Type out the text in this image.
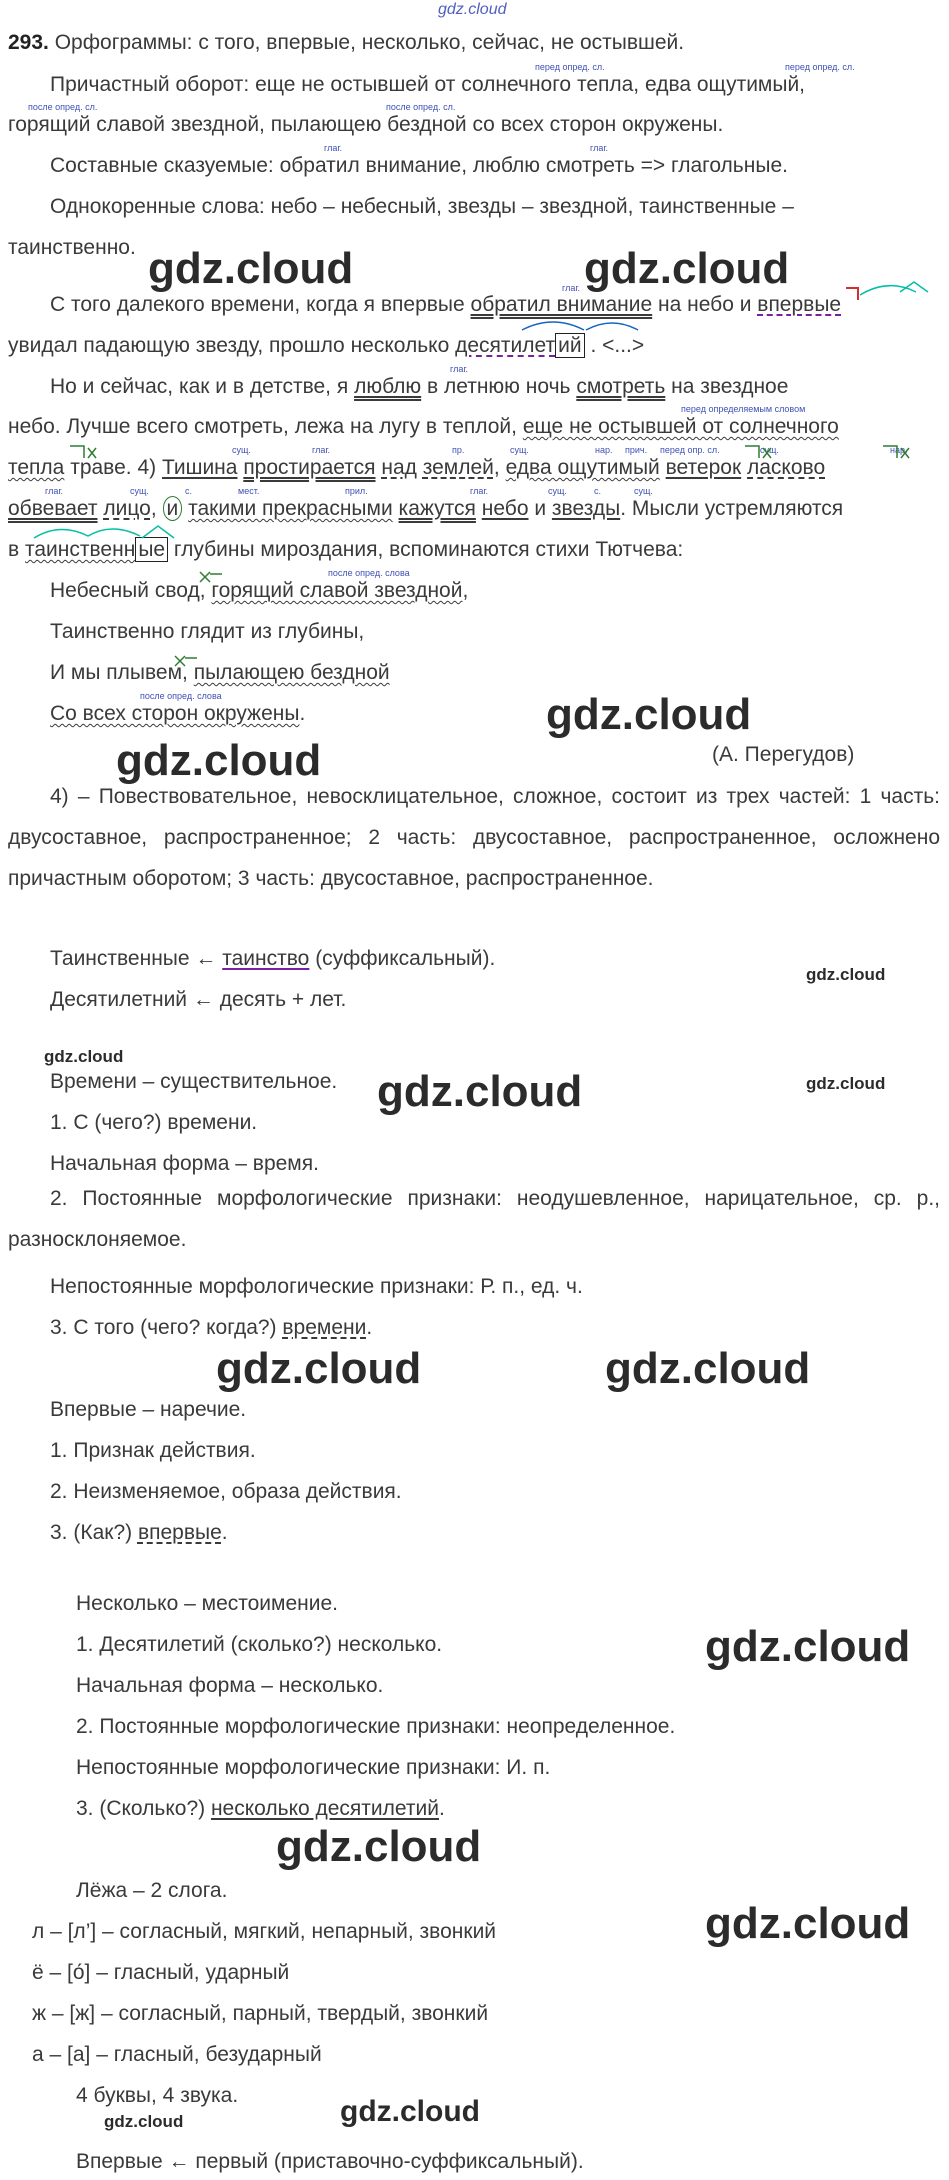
gdz.cloud
293. Орфограммы: с того, впервые, несколько, сейчас, не остывшей.
перед опред. сл.	перед опред. сл.
Причастный оборот: еще не остывшей от солнечного тепла, едва ощутимый,
после опред. сл.	после опред. сл.
горящий славой звездной, пылающею бездной со всех сторон окружены.
глаг.	глаг.
Составные сказуемые: обратил внимание, люблю смотреть => глагольные.
Однокоренные слова: небо – небесный, звезды – звездной, таинственные –
таинственно.
глаг.
С того далекого времени, когда я впервые обратил внимание на небо и впервые
увидал падающую звезду, прошло несколько десятилет ий . <...>
глаг.
Но и сейчас, как и в детстве, я люблю в летнюю ночь смотреть на звездное
перед определяемым словом
небо. Лучше всего смотреть, лежа на лугу в теплой, еще не остывшей от солнечного
сущ.	глаг.	пр.	сущ.	нар. прич. перед опр. сл.	сущ.	нар.
тепла траве. 4) Тишина простирается над землей, едва ощутимый ветерок ласково
глаг.	сущ.	с.	мест.	прил.	глаг.	сущ.	с.	сущ.
обвевает лицо, и такими прекрасными кажутся небо и звезды. Мысли устремляются
в таинственн ые глубины мироздания, вспоминаются стихи Тютчева:
после опред. слова
Небесный свод, горящий славой звездной,
Таинственно глядит из глубины,
И мы плывем, пылающею бездной
после опред. слова
Со всех сторон окружены.
(А. Перегудов)
4) – Повествовательное, невосклицательное, сложное, состоит из трех частей: 1 часть: двусоставное, распространенное; 2 часть: двусоставное, распространенное, осложнено причастным оборотом; 3 часть: двусоставное, распространенное.
Таинственные ← таинство (суффиксальный).
Десятилетний ← десять + лет.
Времени – существительное.
1. С (чего?) времени.
Начальная форма – время.
2. Постоянные морфологические признаки: неодушевленное, нарицательное, ср. р., разносклоняемое.
Непостоянные морфологические признаки: Р. п., ед. ч.
3. С того (чего? когда?) времени.
Впервые – наречие.
1. Признак действия.
2. Неизменяемое, образа действия.
3. (Как?) впервые.
Несколько – местоимение.
1. Десятилетий (сколько?) несколько.
Начальная форма – несколько.
2. Постоянные морфологические признаки: неопределенное.
Непостоянные морфологические признаки: И. п.
3. (Сколько?) несколько десятилетий.
Лёжа – 2 слога.
л – [л’] – согласный, мягкий, непарный, звонкий
ё – [о́] – гласный, ударный
ж – [ж] – согласный, парный, твердый, звонкий
а – [а] – гласный, безударный
4 буквы, 4 звука.
Впервые ← первый (приставочно-суффиксальный).
gdz.cloud	gdz.cloud
gdz.cloud
gdz.cloud
gdz.cloud
gdz.cloud
gdz.cloud	gdz.cloud
gdz.cloud	gdz.cloud
gdz.cloud
gdz.cloud
gdz.cloud
gdz.cloud	gdz.cloud
